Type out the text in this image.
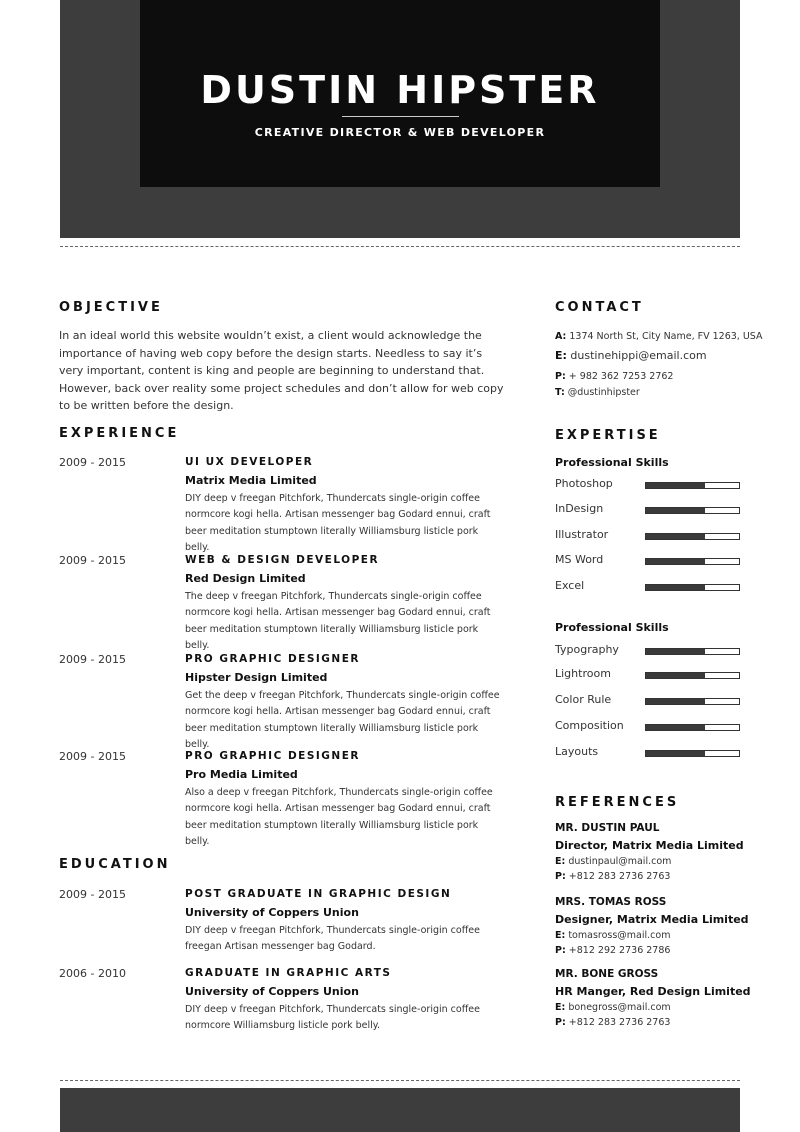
DUSTIN HIPSTER
CREATIVE DIRECTOR & WEB DEVELOPER
OBJECTIVE
In an ideal world this website wouldn’t exist, a client would acknowledge the importance of having web copy before the design starts. Needless to say it’s very important, content is king and people are beginning to understand that. However, back over reality some project schedules and don’t allow for web copy to be written before the design.
EXPERIENCE
2009 - 2015	UI UX DEVELOPER
Matrix Media Limited
DIY deep v freegan Pitchfork, Thundercats single-origin coffee normcore kogi hella. Artisan messenger bag Godard ennui, craft beer meditation stumptown literally Williamsburg listicle pork belly.
2009 - 2015	WEB & DESIGN DEVELOPER
Red Design Limited
The deep v freegan Pitchfork, Thundercats single-origin coffee normcore kogi hella. Artisan messenger bag Godard ennui, craft beer meditation stumptown literally Williamsburg listicle pork belly.
2009 - 2015	PRO GRAPHIC DESIGNER
Hipster Design Limited
Get the deep v freegan Pitchfork, Thundercats single-origin coffee normcore kogi hella. Artisan messenger bag Godard ennui, craft beer meditation stumptown literally Williamsburg listicle pork belly.
2009 - 2015	PRO GRAPHIC DESIGNER
Pro Media Limited
Also a deep v freegan Pitchfork, Thundercats single-origin coffee normcore kogi hella. Artisan messenger bag Godard ennui, craft beer meditation stumptown literally Williamsburg listicle pork belly.
EDUCATION
2009 - 2015	POST GRADUATE IN GRAPHIC DESIGN
University of Coppers Union
DIY deep v freegan Pitchfork, Thundercats single-origin coffee freegan Artisan messenger bag Godard.
2006 - 2010	GRADUATE IN GRAPHIC ARTS
University of Coppers Union
DIY deep v freegan Pitchfork, Thundercats single-origin coffee normcore Williamsburg listicle pork belly.
CONTACT
A: 1374 North St, City Name, FV 1263, USA
E: dustinehippi@email.com
P: + 982 362 7253 2762
T: @dustinhipster
EXPERTISE
Professional Skills
Photoshop
InDesign
Illustrator
MS Word
Excel
Professional Skills
Typography
Lightroom
Color Rule
Composition
Layouts
REFERENCES
MR. DUSTIN PAUL
Director, Matrix Media Limited
E: dustinpaul@mail.com
P: +812 283 2736 2763
MRS. TOMAS ROSS
Designer, Matrix Media Limited
E: tomasross@mail.com
P: +812 292 2736 2786
MR. BONE GROSS
HR Manger, Red Design Limited
E: bonegross@mail.com
P: +812 283 2736 2763
